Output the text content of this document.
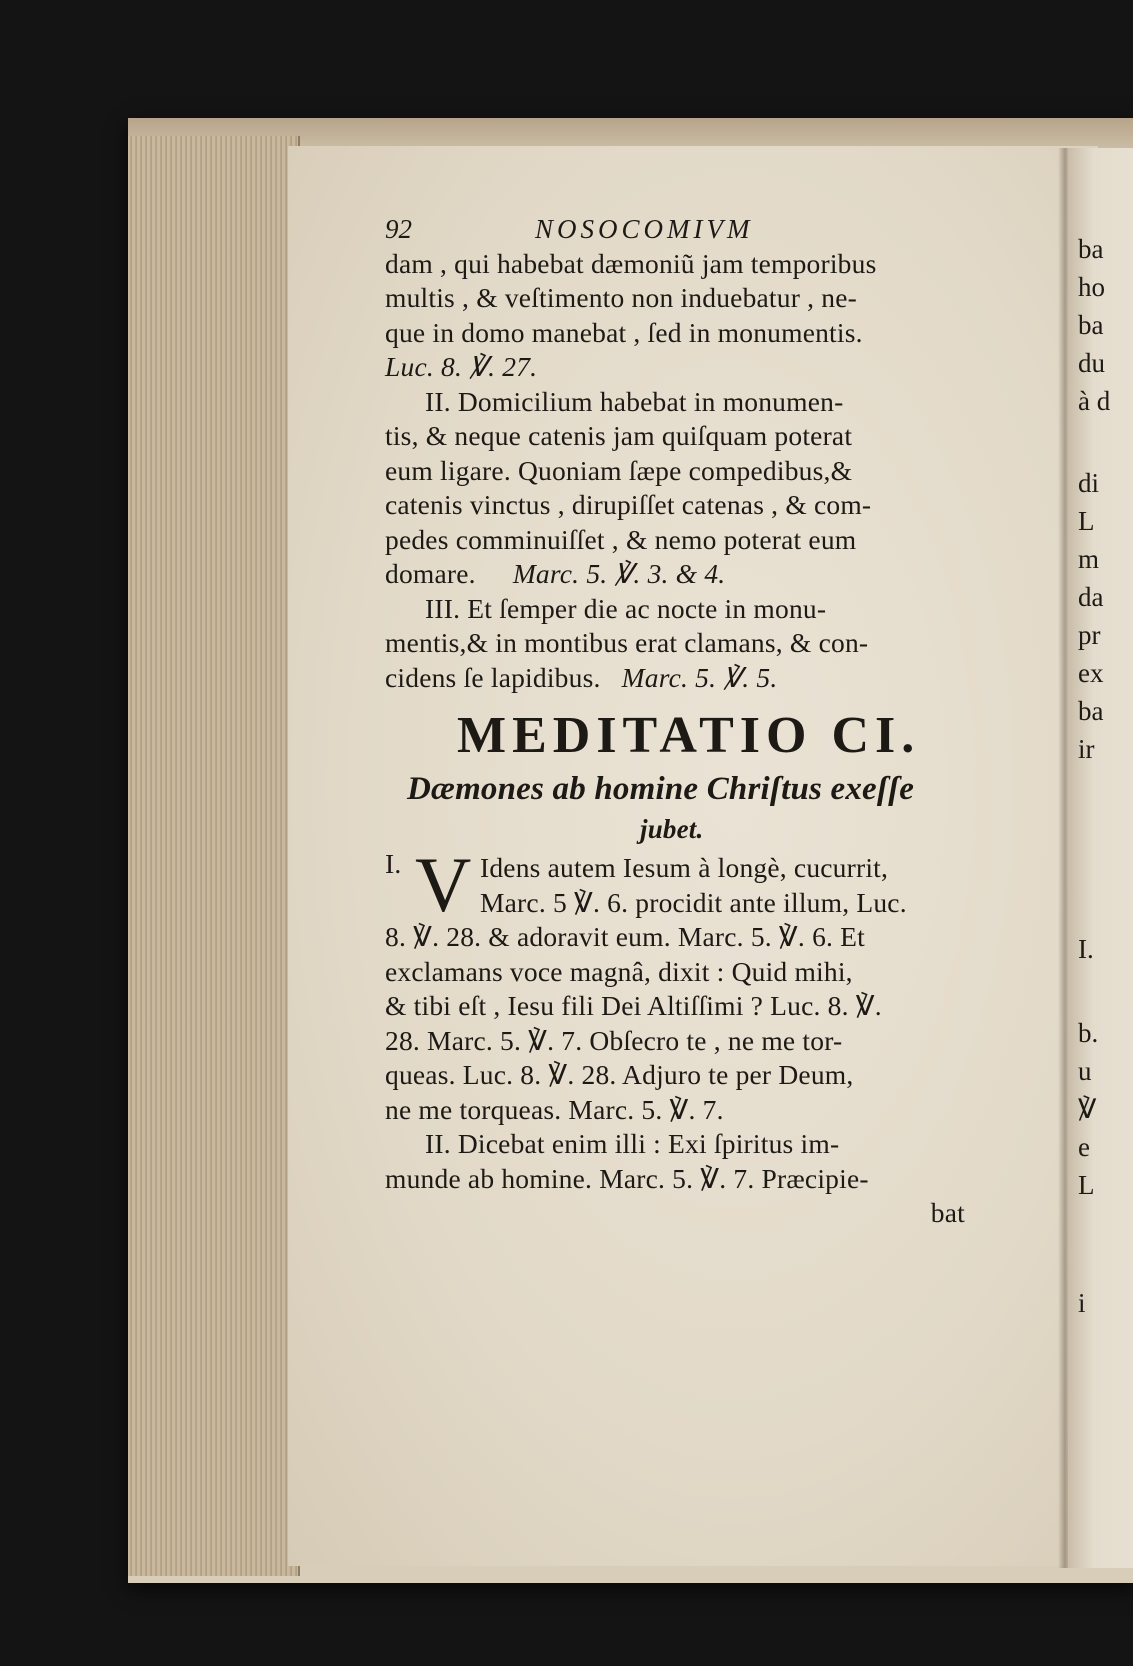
ba
ho
ba
du
à d
di
L
m
da
pr
ex
ba
ir
I.
b.
u
℣
e
L
i
92	NOSOCOMIVM
dam , qui habebat dæmoniũ jam temporibus
multis , & veſtimento non induebatur , ne-
que in domo manebat , ſed in monumentis.
Luc. 8. ℣. 27.
II. Domicilium habebat in monumen-
tis, & neque catenis jam quiſquam poterat
eum ligare. Quoniam ſæpe compedibus,&
catenis vinctus , dirupiſſet catenas , & com-
pedes comminuiſſet , & nemo poterat eum
domare. Marc. 5. ℣. 3. & 4.
III. Et ſemper die ac nocte in monu-
mentis,& in montibus erat clamans, & con-
cidens ſe lapidibus. Marc. 5. ℣. 5.
MEDITATIO CI.
Dæmones ab homine Chriſtus exeſſe
jubet.
I. V Idens autem Iesum à longè, cucurrit,
Marc. 5 ℣. 6. procidit ante illum, Luc.
8. ℣. 28. & adoravit eum. Marc. 5. ℣. 6. Et
exclamans voce magnâ, dixit : Quid mihi,
& tibi eſt , Iesu fili Dei Altiſſimi ? Luc. 8. ℣.
28. Marc. 5. ℣. 7. Obſecro te , ne me tor-
queas. Luc. 8. ℣. 28. Adjuro te per Deum,
ne me torqueas. Marc. 5. ℣. 7.
II. Dicebat enim illi : Exi ſpiritus im-
munde ab homine. Marc. 5. ℣. 7. Præcipie-
bat
